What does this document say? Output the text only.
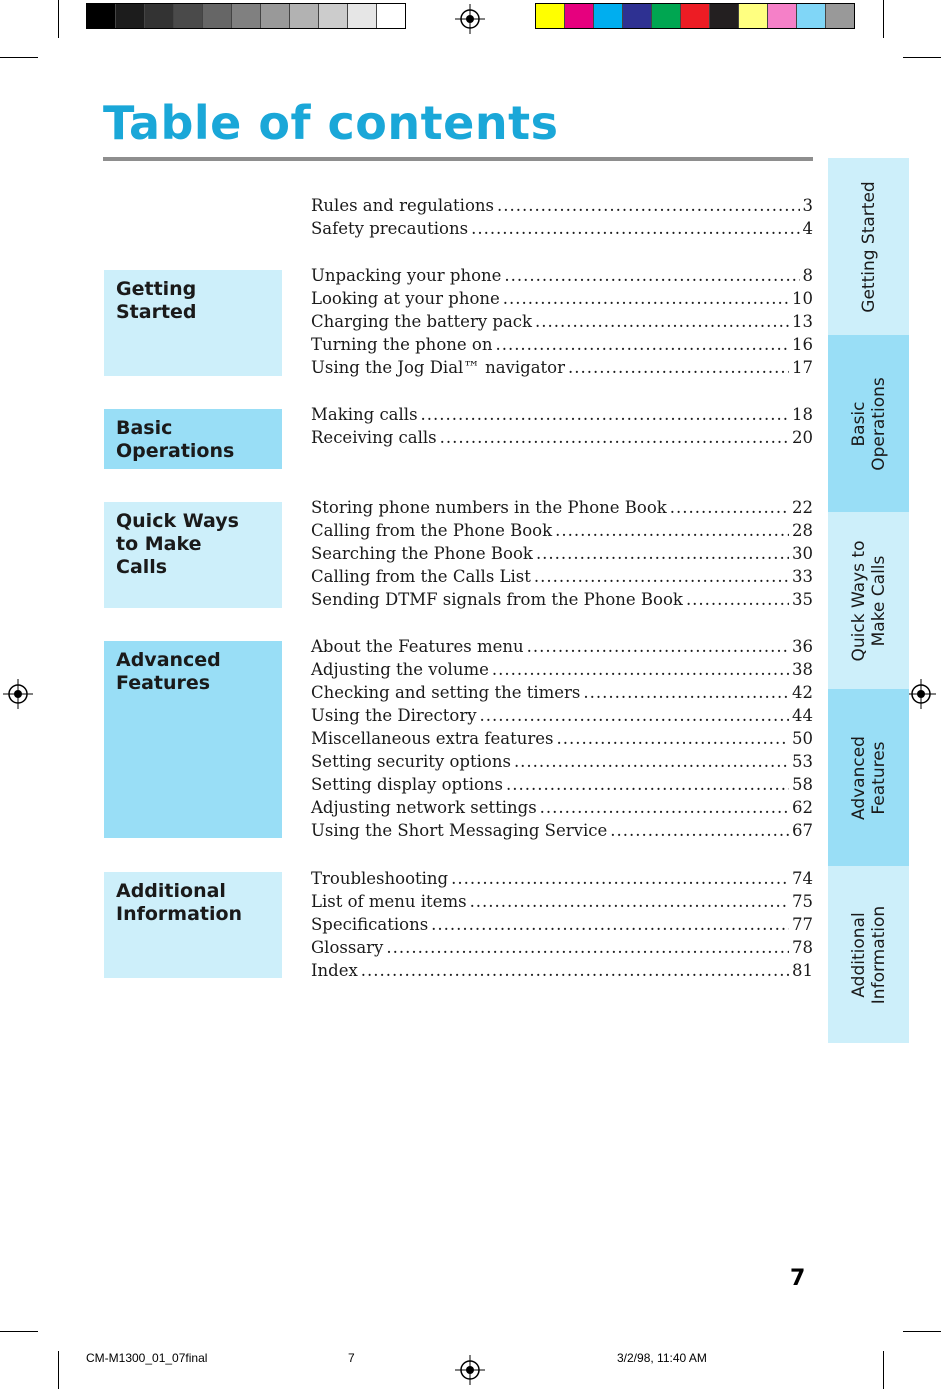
Table of contents
Getting Started
Basic Operations
Quick Ways to Make Calls
Advanced Features
Additional Information
Rules and regulations .....	3
Safety precautions .....	4
Unpacking your phone .....	8
Looking at your phone .....	10
Charging the battery pack .....	13
Turning the phone on .....	16
Using the Jog Dial™ navigator .....	17
Making calls .....	18
Receiving calls .....	20
Storing phone numbers in the Phone Book .....	22
Calling from the Phone Book .....	28
Searching the Phone Book .....	30
Calling from the Calls List .....	33
Sending DTMF signals from the Phone Book .....	35
About the Features menu .....	36
Adjusting the volume .....	38
Checking and setting the timers .....	42
Using the Directory .....	44
Miscellaneous extra features .....	50
Setting security options .....	53
Setting display options .....	58
Adjusting network settings .....	62
Using the Short Messaging Service .....	67
Troubleshooting .....	74
List of menu items .....	75
Specifications .....	77
Glossary .....	78
Index .....	81
Getting Started
Basic Operations
Quick Ways to Make Calls
Advanced Features
Additional Information
7
CM-M1300_01_07final	7	3/2/98, 11:40 AM
